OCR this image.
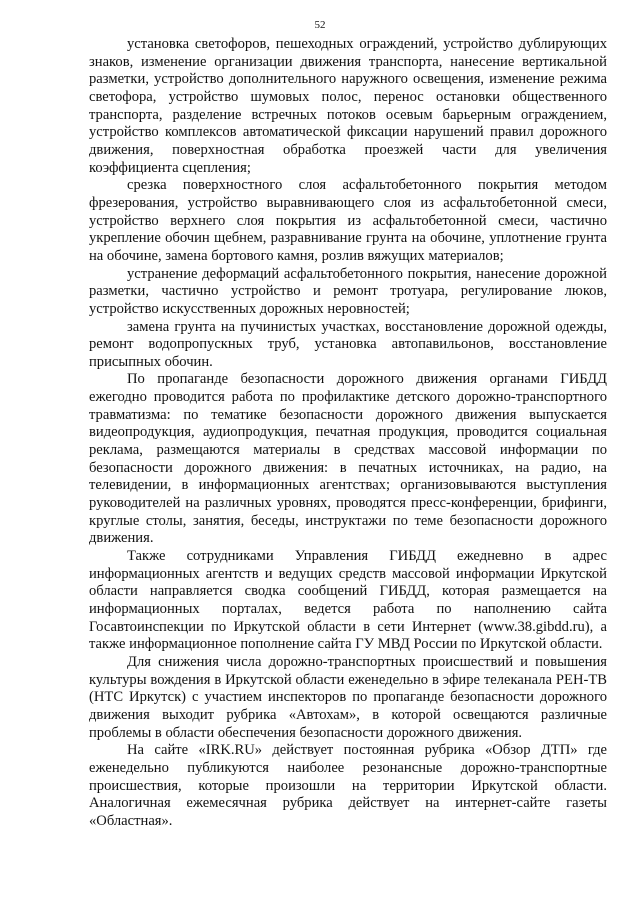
52

установка светофоров, пешеходных ограждений, устройство дублирующих знаков, изменение организации движения транспорта, нанесение вертикальной разметки, устройство дополнительного наружного освещения, изменение режима светофора, устройство шумовых полос, перенос остановки общественного транспорта, разделение встречных потоков осевым барьерным ограждением, устройство комплексов автоматической фиксации нарушений правил дорожного движения, поверхностная обработка проезжей части для увеличения коэффициента сцепления;

срезка поверхностного слоя асфальтобетонного покрытия методом фрезерования, устройство выравнивающего слоя из асфальтобетонной смеси, устройство верхнего слоя покрытия из асфальтобетонной смеси, частично укрепление обочин щебнем, разравнивание грунта на обочине, уплотнение грунта на обочине, замена бортового камня, розлив вяжущих материалов;

устранение деформаций асфальтобетонного покрытия, нанесение дорожной разметки, частично устройство и ремонт тротуара, регулирование люков, устройство искусственных дорожных неровностей;

замена грунта на пучинистых участках, восстановление дорожной одежды, ремонт водопропускных труб, установка автопавильонов, восстановление присыпных обочин.

По пропаганде безопасности дорожного движения органами ГИБДД ежегодно проводится работа по профилактике детского дорожно-транспортного травматизма: по тематике безопасности дорожного движения выпускается видеопродукция, аудиопродукция, печатная продукция, проводится социальная реклама, размещаются материалы в средствах массовой информации по безопасности дорожного движения: в печатных источниках, на радио, на телевидении, в информационных агентствах; организовываются выступления руководителей на различных уровнях, проводятся пресс-конференции, брифинги, круглые столы, занятия, беседы, инструктажи по теме безопасности дорожного движения.

Также сотрудниками Управления ГИБДД ежедневно в адрес информационных агентств и ведущих средств массовой информации Иркутской области направляется сводка сообщений ГИБДД, которая размещается на информационных порталах, ведется работа по наполнению сайта Госавтоинспекции по Иркутской области в сети Интернет (www.38.gibdd.ru), а также информационное пополнение сайта ГУ МВД России по Иркутской области.

Для снижения числа дорожно-транспортных происшествий и повышения культуры вождения в Иркутской области еженедельно в эфире телеканала РЕН-ТВ (НТС Иркутск) с участием инспекторов по пропаганде безопасности дорожного движения выходит рубрика «Автохам», в которой освещаются различные проблемы в области обеспечения безопасности дорожного движения.

На сайте «IRK.RU» действует постоянная рубрика «Обзор ДТП» где еженедельно публикуются наиболее резонансные дорожно-транспортные происшествия, которые произошли на территории Иркутской области. Аналогичная ежемесячная рубрика действует на интернет-сайте газеты «Областная».
